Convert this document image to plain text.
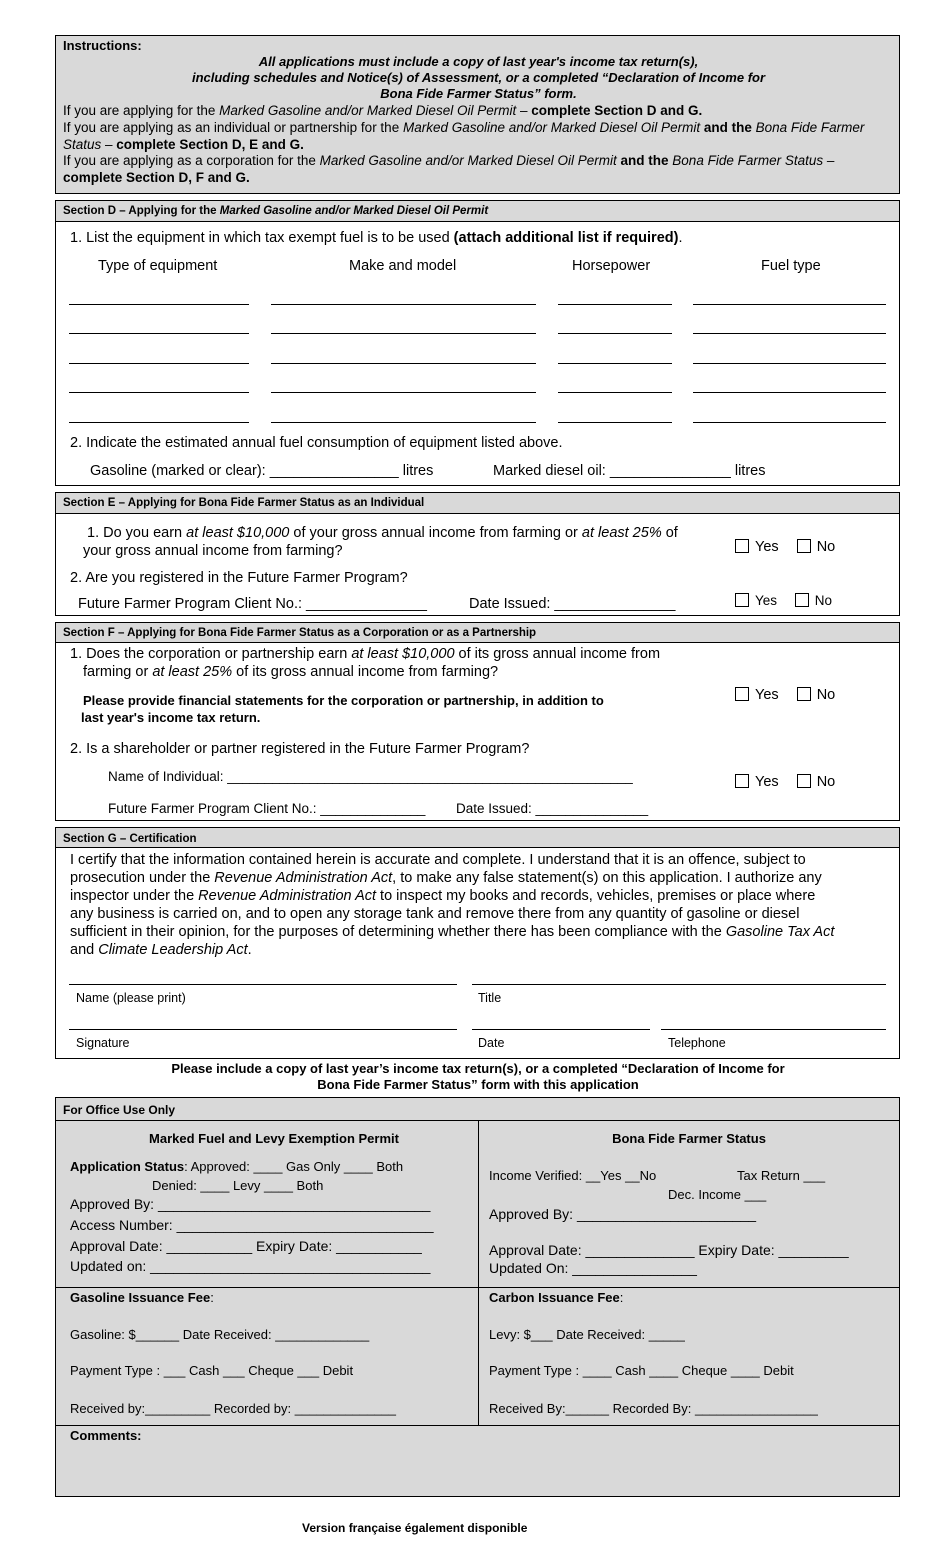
Instructions:
All applications must include a copy of last year's income tax return(s),
including schedules and Notice(s) of Assessment, or a completed “Declaration of Income for
Bona Fide Farmer Status” form.
If you are applying for the Marked Gasoline and/or Marked Diesel Oil Permit – complete Section D and G.
If you are applying as an individual or partnership for the Marked Gasoline and/or Marked Diesel Oil Permit and the Bona Fide Farmer
Status – complete Section D, E and G.
If you are applying as a corporation for the Marked Gasoline and/or Marked Diesel Oil Permit and the Bona Fide Farmer Status –
complete Section D, F and G.
Section D – Applying for the Marked Gasoline and/or Marked Diesel Oil Permit
1. List the equipment in which tax exempt fuel is to be used (attach additional list if required).
Type of equipment	Make and model	Horsepower	Fuel type
2. Indicate the estimated annual fuel consumption of equipment listed above.
Gasoline (marked or clear): ________________ litres	Marked diesel oil: _______________ litres
Section E – Applying for Bona Fide Farmer Status as an Individual
1. Do you earn at least $10,000 of your gross annual income from farming or at least 25% of
your gross annual income from farming?	Yes	No
2. Are you registered in the Future Farmer Program?
Future Farmer Program Client No.: _______________	Date Issued: _______________	Yes	No
Section F – Applying for Bona Fide Farmer Status as a Corporation or as a Partnership
1. Does the corporation or partnership earn at least $10,000 of its gross annual income from
farming or at least 25% of its gross annual income from farming?
Please provide financial statements for the corporation or partnership, in addition to
last year's income tax return.
Yes	No
2. Is a shareholder or partner registered in the Future Farmer Program?
Name of Individual: ______________________________________________________	Yes	No
Future Farmer Program Client No.: ______________ Date Issued: _______________
Section G – Certification
I certify that the information contained herein is accurate and complete. I understand that it is an offence, subject to
prosecution under the Revenue Administration Act, to make any false statement(s) on this application. I authorize any
inspector under the Revenue Administration Act to inspect my books and records, vehicles, premises or place where
any business is carried on, and to open any storage tank and remove there from any quantity of gasoline or diesel
sufficient in their opinion, for the purposes of determining whether there has been compliance with the Gasoline Tax Act
and Climate Leadership Act.
Name (please print)	Title
Signature	Date	Telephone
Please include a copy of last year’s income tax return(s), or a completed “Declaration of Income for
Bona Fide Farmer Status” form with this application
For Office Use Only
Marked Fuel and Levy Exemption Permit
Application Status: Approved: ____ Gas Only ____ Both
Denied: ____ Levy ____ Both
Approved By: ___________________________________
Access Number: _________________________________
Approval Date: ___________ Expiry Date: ___________
Updated on: ____________________________________
Bona Fide Farmer Status
Income Verified: __Yes __No	Tax Return ___
Dec. Income ___
Approved By: _______________________
Approval Date: ______________ Expiry Date: _________
Updated On: ________________
Gasoline Issuance Fee:
Gasoline: $______ Date Received: _____________
Payment Type : ___ Cash ___ Cheque ___ Debit
Received by:_________ Recorded by: ______________
Carbon Issuance Fee:
Levy: $___ Date Received: _____
Payment Type : ____ Cash ____ Cheque ____ Debit
Received By:______ Recorded By: _________________
Comments:
Version française également disponible
